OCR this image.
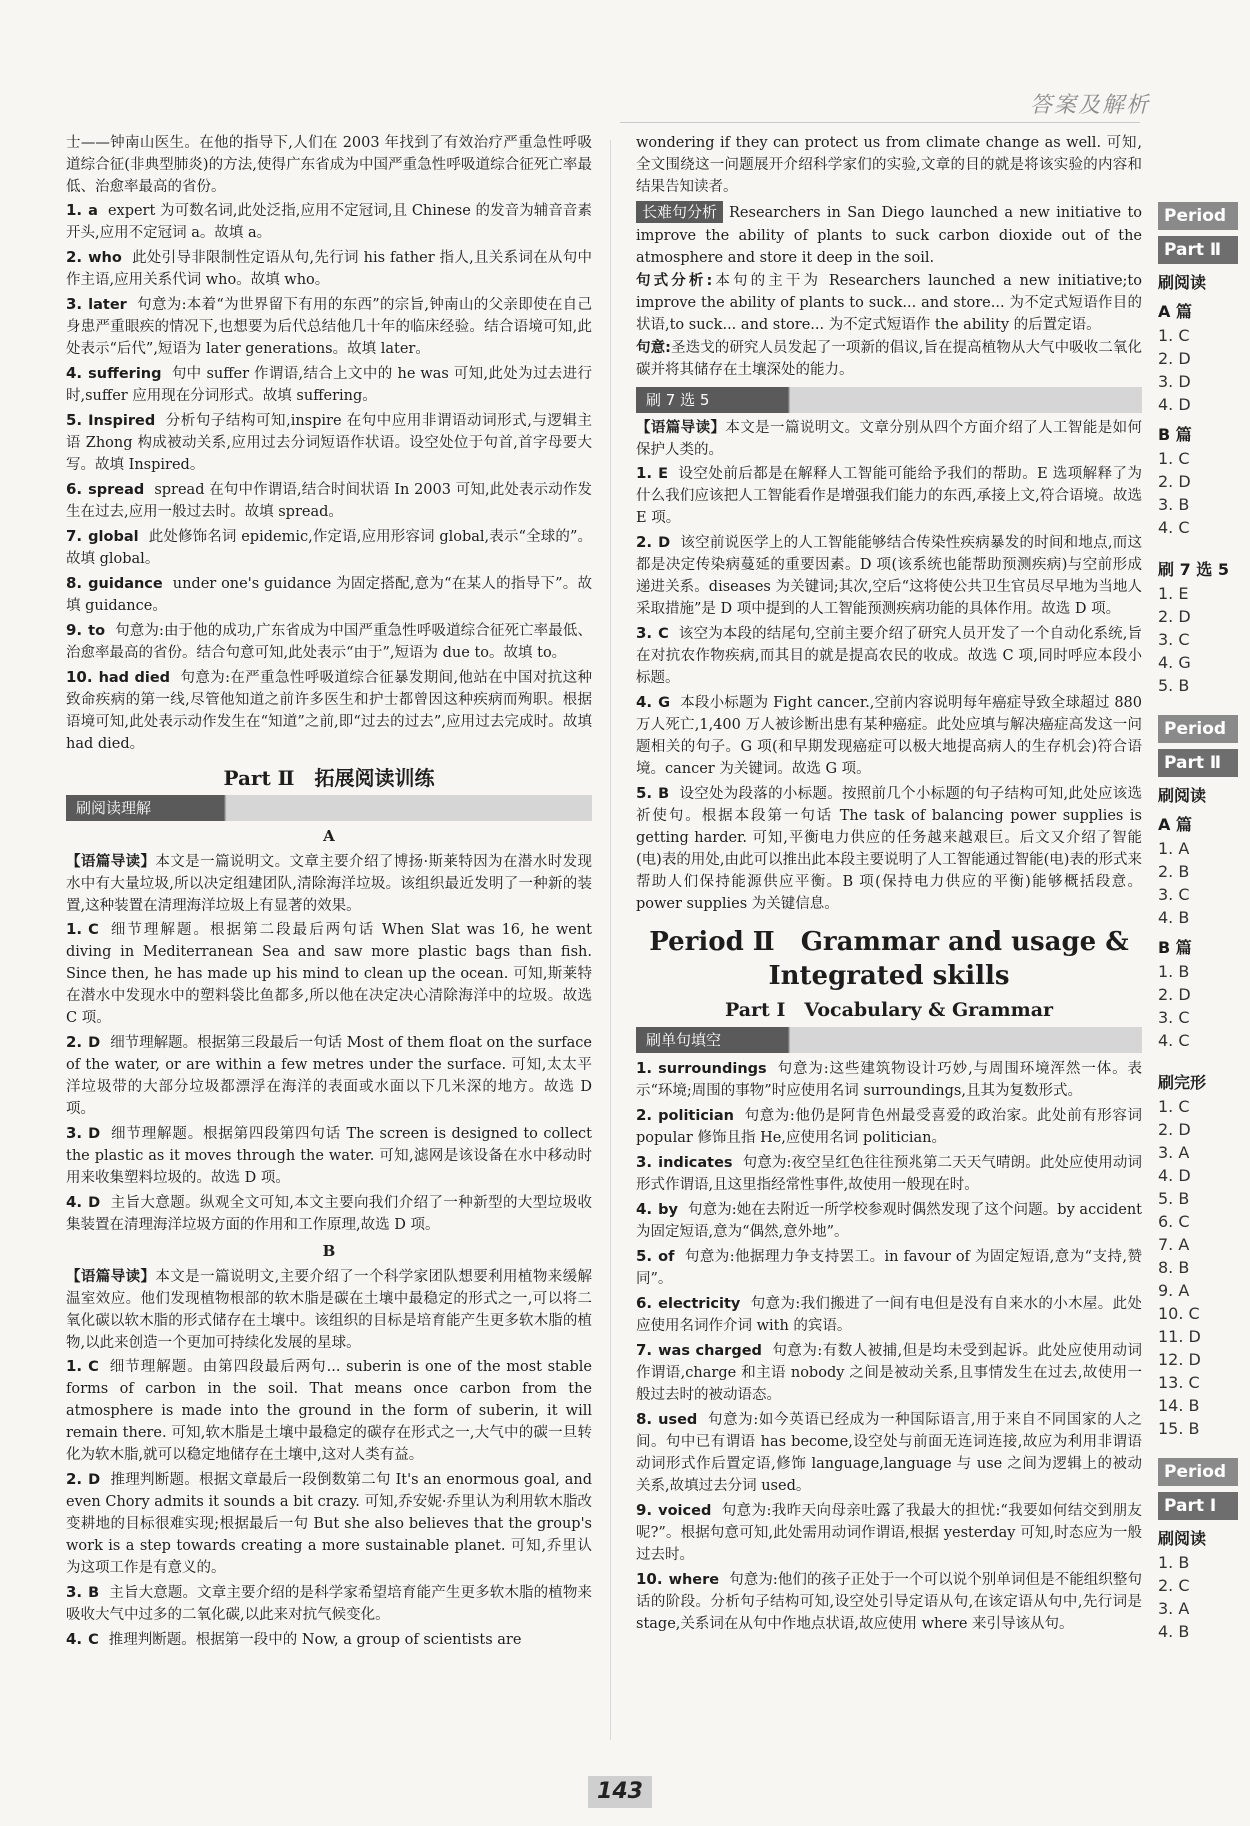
答案及解析

士——钟南山医生。在他的指导下,人们在 2003 年找到了有效治疗严重急性呼吸道综合征(非典型肺炎)的方法,使得广东省成为中国严重急性呼吸道综合征死亡率最低、治愈率最高的省份。

1. a expert 为可数名词,此处泛指,应用不定冠词,且 Chinese 的发音为辅音音素开头,应用不定冠词 a。故填 a。

2. who 此处引导非限制性定语从句,先行词 his father 指人,且关系词在从句中作主语,应用关系代词 who。故填 who。

3. later 句意为:本着“为世界留下有用的东西”的宗旨,钟南山的父亲即使在自己身患严重眼疾的情况下,也想要为后代总结他几十年的临床经验。结合语境可知,此处表示“后代”,短语为 later generations。故填 later。

4. suffering 句中 suffer 作谓语,结合上文中的 he was 可知,此处为过去进行时,suffer 应用现在分词形式。故填 suffering。

5. Inspired 分析句子结构可知,inspire 在句中应用非谓语动词形式,与逻辑主语 Zhong 构成被动关系,应用过去分词短语作状语。设空处位于句首,首字母要大写。故填 Inspired。

6. spread spread 在句中作谓语,结合时间状语 In 2003 可知,此处表示动作发生在过去,应用一般过去时。故填 spread。

7. global 此处修饰名词 epidemic,作定语,应用形容词 global,表示“全球的”。故填 global。

8. guidance under one's guidance 为固定搭配,意为“在某人的指导下”。故填 guidance。

9. to 句意为:由于他的成功,广东省成为中国严重急性呼吸道综合征死亡率最低、治愈率最高的省份。结合句意可知,此处表示“由于”,短语为 due to。故填 to。

10. had died 句意为:在严重急性呼吸道综合征暴发期间,他站在中国对抗这种致命疾病的第一线,尽管他知道之前许多医生和护士都曾因这种疾病而殉职。根据语境可知,此处表示动作发生在“知道”之前,即“过去的过去”,应用过去完成时。故填 had died。

Part Ⅱ　拓展阅读训练
刷阅读理解
A

【语篇导读】本文是一篇说明文。文章主要介绍了博扬·斯莱特因为在潜水时发现水中有大量垃圾,所以决定组建团队,清除海洋垃圾。该组织最近发明了一种新的装置,这种装置在清理海洋垃圾上有显著的效果。

1. C 细节理解题。根据第二段最后两句话 When Slat was 16, he went diving in Mediterranean Sea and saw more plastic bags than fish. Since then, he has made up his mind to clean up the ocean. 可知,斯莱特在潜水中发现水中的塑料袋比鱼都多,所以他在决定决心清除海洋中的垃圾。故选 C 项。

2. D 细节理解题。根据第三段最后一句话 Most of them float on the surface of the water, or are within a few metres under the surface. 可知,太太平洋垃圾带的大部分垃圾都漂浮在海洋的表面或水面以下几米深的地方。故选 D 项。

3. D 细节理解题。根据第四段第四句话 The screen is designed to collect the plastic as it moves through the water. 可知,滤网是该设备在水中移动时用来收集塑料垃圾的。故选 D 项。

4. D 主旨大意题。纵观全文可知,本文主要向我们介绍了一种新型的大型垃圾收集装置在清理海洋垃圾方面的作用和工作原理,故选 D 项。

B

【语篇导读】本文是一篇说明文,主要介绍了一个科学家团队想要利用植物来缓解温室效应。他们发现植物根部的软木脂是碳在土壤中最稳定的形式之一,可以将二氧化碳以软木脂的形式储存在土壤中。该组织的目标是培育能产生更多软木脂的植物,以此来创造一个更加可持续化发展的星球。

1. C 细节理解题。由第四段最后两句... suberin is one of the most stable forms of carbon in the soil. That means once carbon from the atmosphere is made into the ground in the form of suberin, it will remain there. 可知,软木脂是土壤中最稳定的碳存在形式之一,大气中的碳一旦转化为软木脂,就可以稳定地储存在土壤中,这对人类有益。

2. D 推理判断题。根据文章最后一段倒数第二句 It's an enormous goal, and even Chory admits it sounds a bit crazy. 可知,乔安妮·乔里认为利用软木脂改变耕地的目标很难实现;根据最后一句 But she also believes that the group's work is a step towards creating a more sustainable planet. 可知,乔里认为这项工作是有意义的。

3. B 主旨大意题。文章主要介绍的是科学家希望培育能产生更多软木脂的植物来吸收大气中过多的二氧化碳,以此来对抗气候变化。

4. C 推理判断题。根据第一段中的 Now, a group of scientists are

wondering if they can protect us from climate change as well. 可知,全文围绕这一问题展开介绍科学家们的实验,文章的目的就是将该实验的内容和结果告知读者。

长难句分析 Researchers in San Diego launched a new initiative to improve the ability of plants to suck carbon dioxide out of the atmosphere and store it deep in the soil.

句式分析:本句的主干为 Researchers launched a new initiative;to improve the ability of plants to suck... and store... 为不定式短语作目的状语,to suck... and store... 为不定式短语作 the ability 的后置定语。

句意:圣迭戈的研究人员发起了一项新的倡议,旨在提高植物从大气中吸收二氧化碳并将其储存在土壤深处的能力。

刷 7 选 5

【语篇导读】本文是一篇说明文。文章分别从四个方面介绍了人工智能是如何保护人类的。

1. E 设空处前后都是在解释人工智能可能给予我们的帮助。E 选项解释了为什么我们应该把人工智能看作是增强我们能力的东西,承接上文,符合语境。故选 E 项。

2. D 该空前说医学上的人工智能能够结合传染性疾病暴发的时间和地点,而这都是决定传染病蔓延的重要因素。D 项(该系统也能帮助预测疾病)与空前形成递进关系。diseases 为关键词;其次,空后“这将使公共卫生官员尽早地为当地人采取措施”是 D 项中提到的人工智能预测疾病功能的具体作用。故选 D 项。

3. C 该空为本段的结尾句,空前主要介绍了研究人员开发了一个自动化系统,旨在对抗农作物疾病,而其目的就是提高农民的收成。故选 C 项,同时呼应本段小标题。

4. G 本段小标题为 Fight cancer.,空前内容说明每年癌症导致全球超过 880 万人死亡,1,400 万人被诊断出患有某种癌症。此处应填与解决癌症高发这一问题相关的句子。G 项(和早期发现癌症可以极大地提高病人的生存机会)符合语境。cancer 为关键词。故选 G 项。

5. B 设空处为段落的小标题。按照前几个小标题的句子结构可知,此处应该选祈使句。根据本段第一句话 The task of balancing power supplies is getting harder. 可知,平衡电力供应的任务越来越艰巨。后文又介绍了智能(电)表的用处,由此可以推出此本段主要说明了人工智能通过智能(电)表的形式来帮助人们保持能源供应平衡。B 项(保持电力供应的平衡)能够概括段意。power supplies 为关键信息。

Period Ⅱ　Grammar and usage & Integrated skills
Part Ⅰ　Vocabulary & Grammar
刷单句填空

1. surroundings 句意为:这些建筑物设计巧妙,与周围环境浑然一体。表示“环境;周围的事物”时应使用名词 surroundings,且其为复数形式。

2. politician 句意为:他仍是阿肯色州最受喜爱的政治家。此处前有形容词 popular 修饰且指 He,应使用名词 politician。

3. indicates 句意为:夜空呈红色往往预兆第二天天气晴朗。此处应使用动词形式作谓语,且这里指经常性事件,故使用一般现在时。

4. by 句意为:她在去附近一所学校参观时偶然发现了这个问题。by accident 为固定短语,意为“偶然,意外地”。

5. of 句意为:他据理力争支持罢工。in favour of 为固定短语,意为“支持,赞同”。

6. electricity 句意为:我们搬进了一间有电但是没有自来水的小木屋。此处应使用名词作介词 with 的宾语。

7. was charged 句意为:有数人被捕,但是均未受到起诉。此处应使用动词作谓语,charge 和主语 nobody 之间是被动关系,且事情发生在过去,故使用一般过去时的被动语态。

8. used 句意为:如今英语已经成为一种国际语言,用于来自不同国家的人之间。句中已有谓语 has become,设空处与前面无连词连接,故应为利用非谓语动词形式作后置定语,修饰 language,language 与 use 之间为逻辑上的被动关系,故填过去分词 used。

9. voiced 句意为:我昨天向母亲吐露了我最大的担忧:“我要如何结交到朋友呢?”。根据句意可知,此处需用动词作谓语,根据 yesterday 可知,时态应为一般过去时。

10. where 句意为:他们的孩子正处于一个可以说个别单词但是不能组织整句话的阶段。分析句子结构可知,设空处引导定语从句,在该定语从句中,先行词是 stage,关系词在从句中作地点状语,故应使用 where 来引导该从句。

Period
Part Ⅱ
刷阅读
A 篇
1. C
2. D
3. D
4. D
B 篇
1. C
2. D
3. B
4. C
刷 7 选 5
1. E
2. D
3. C
4. G
5. B
Period
Part Ⅱ
刷阅读
A 篇
1. A
2. B
3. C
4. B
B 篇
1. B
2. D
3. C
4. C
刷完形
1. C
2. D
3. A
4. D
5. B
6. C
7. A
8. B
9. A
10. C
11. D
12. D
13. C
14. B
15. B
Period
Part Ⅰ
刷阅读
1. B
2. C
3. A
4. B
143
